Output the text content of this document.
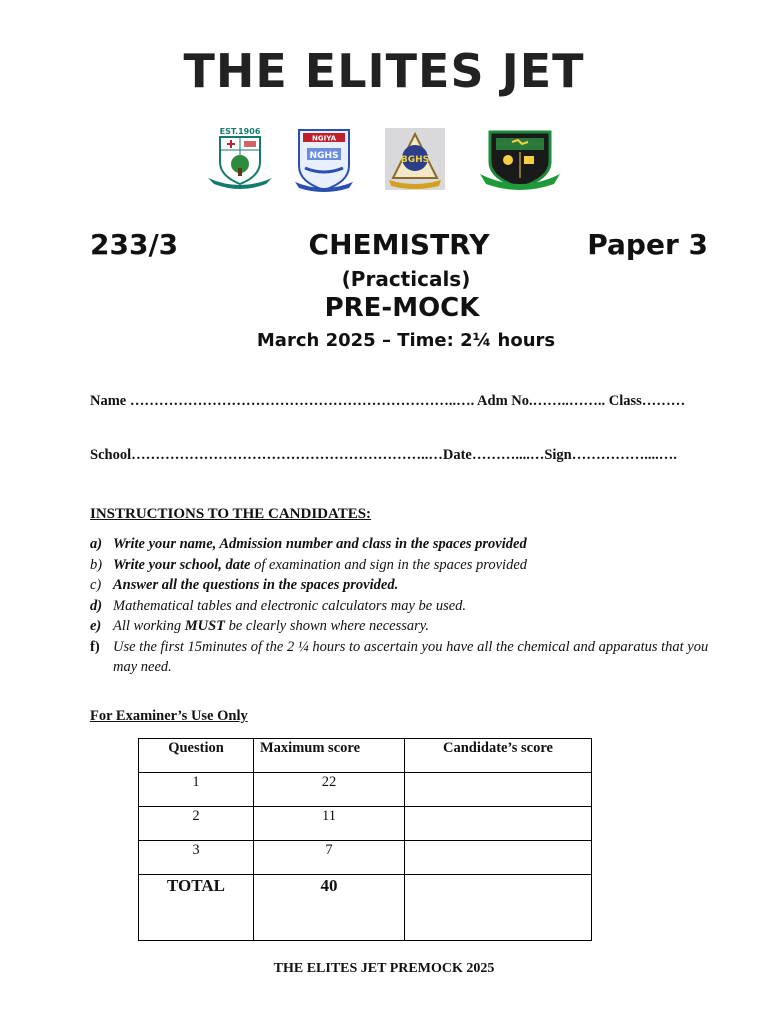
THE ELITES JET
EST.1906
NGIYA
NGHS	BGHS
233/3	CHEMISTRY	Paper 3
(Practicals)
PRE-MOCK
March 2025 – Time: 2¼ hours
Name …………………………………………………………..…. Adm No.……..…….. Class………
School……………………………………………………..…Date………....…Sign……………....….
INSTRUCTIONS TO THE CANDIDATES:
a) Write your name, Admission number and class in the spaces provided
b) Write your school, date of examination and sign in the spaces provided
c) Answer all the questions in the spaces provided.
d) Mathematical tables and electronic calculators may be used.
e) All working MUST be clearly shown where necessary.
f) Use the first 15minutes of the 2 ¼ hours to ascertain you have all the chemical and apparatus that you may need.
For Examiner’s Use Only
Question	Maximum score	Candidate’s score
1	22	
2	11	
3	7	
TOTAL	40	
THE ELITES JET PREMOCK 2025
